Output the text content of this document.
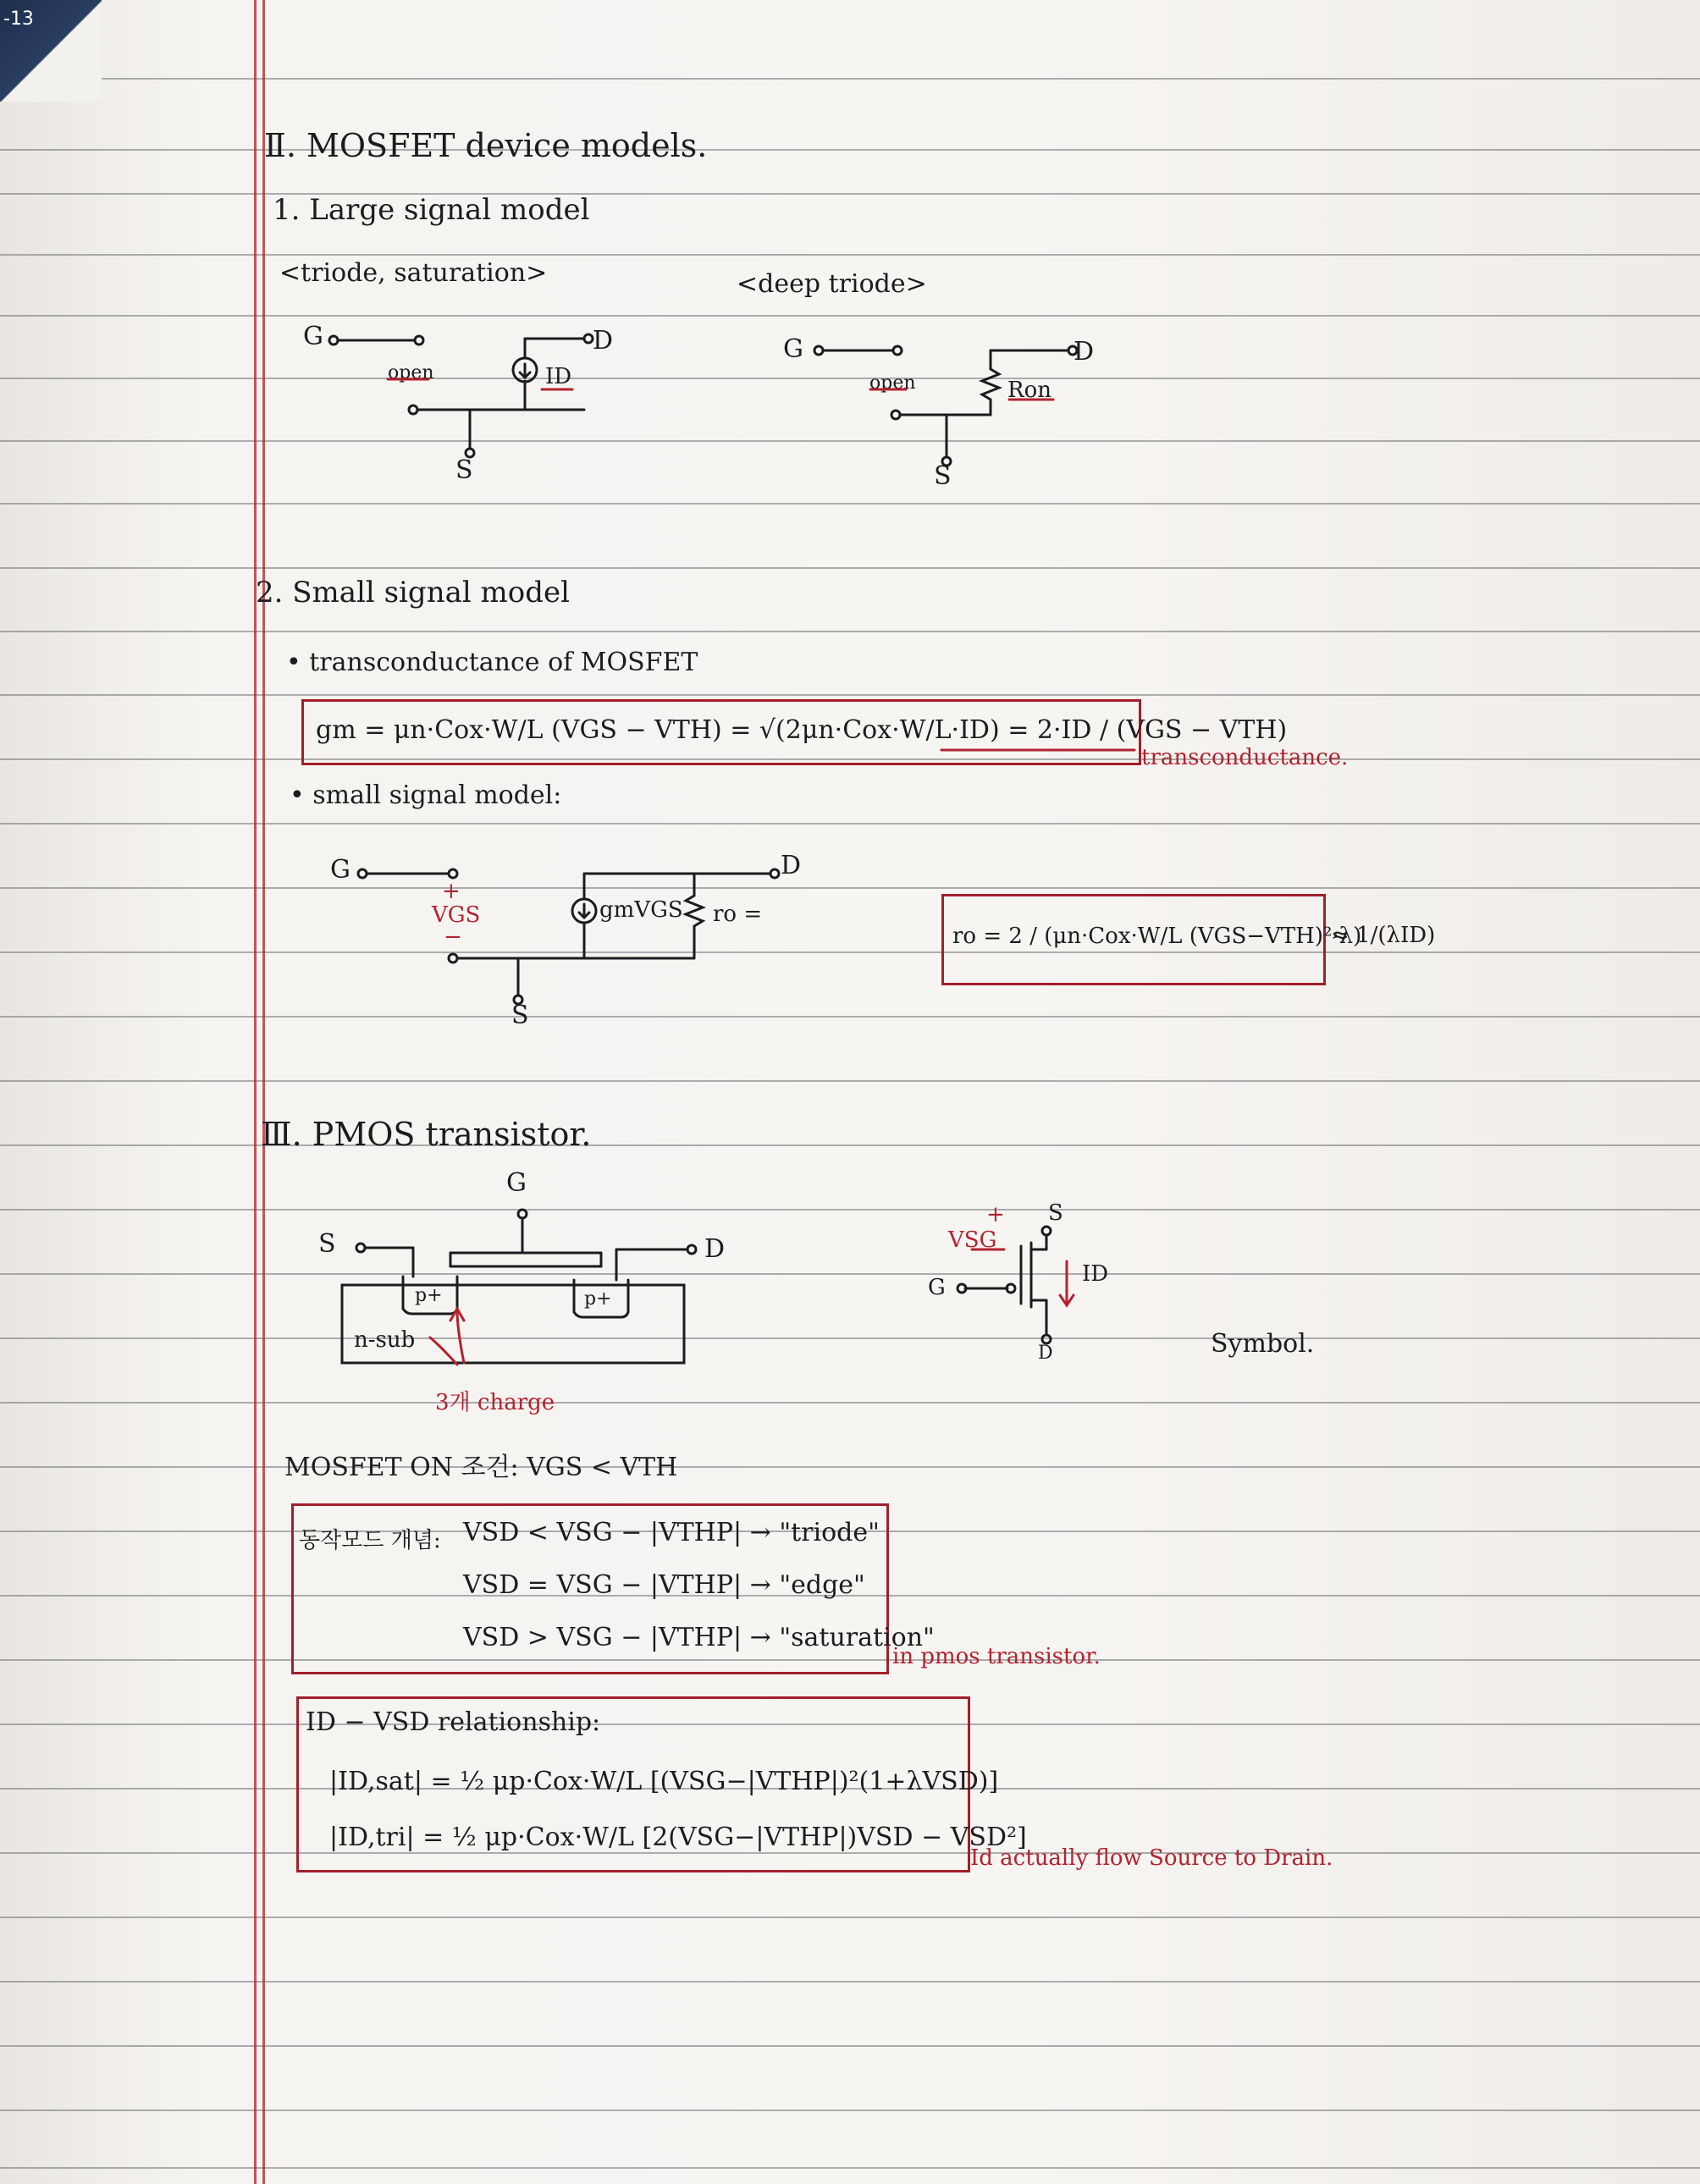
-13
Ⅱ. MOSFET device models.
1. Large signal model
<triode, saturation>	<deep triode>
G	D
S
open	ID
G	D
S
open	Ron
2. Small signal model
• transconductance of MOSFET
gm = μn·Cox·W/L (VGS − VTH) = √(2μn·Cox·W/L·ID) = 2·ID / (VGS − VTH)
transconductance.
• small signal model:
G	D
S
+
VGS
−
gmVGS ro =
ro = 2 / (μn·Cox·W/L (VGS−VTH)²·λ)
≈ 1/(λID)
Ⅲ. PMOS transistor.
G
S	D
p+	p+
n-sub
3개 charge
+ S
VSG
G
ID
D	Symbol.
MOSFET ON 조건: VGS < VTH
동작모드 개념: VSD < VSG − |VTHP| → "triode"
VSD = VSG − |VTHP| → "edge"
VSD > VSG − |VTHP| → "saturation"
in pmos transistor.
ID − VSD relationship:
|ID,sat| = ½ μp·Cox·W/L [(VSG−|VTHP|)²(1+λVSD)]
|ID,tri| = ½ μp·Cox·W/L [2(VSG−|VTHP|)VSD − VSD²]
Id actually flow Source to Drain.
